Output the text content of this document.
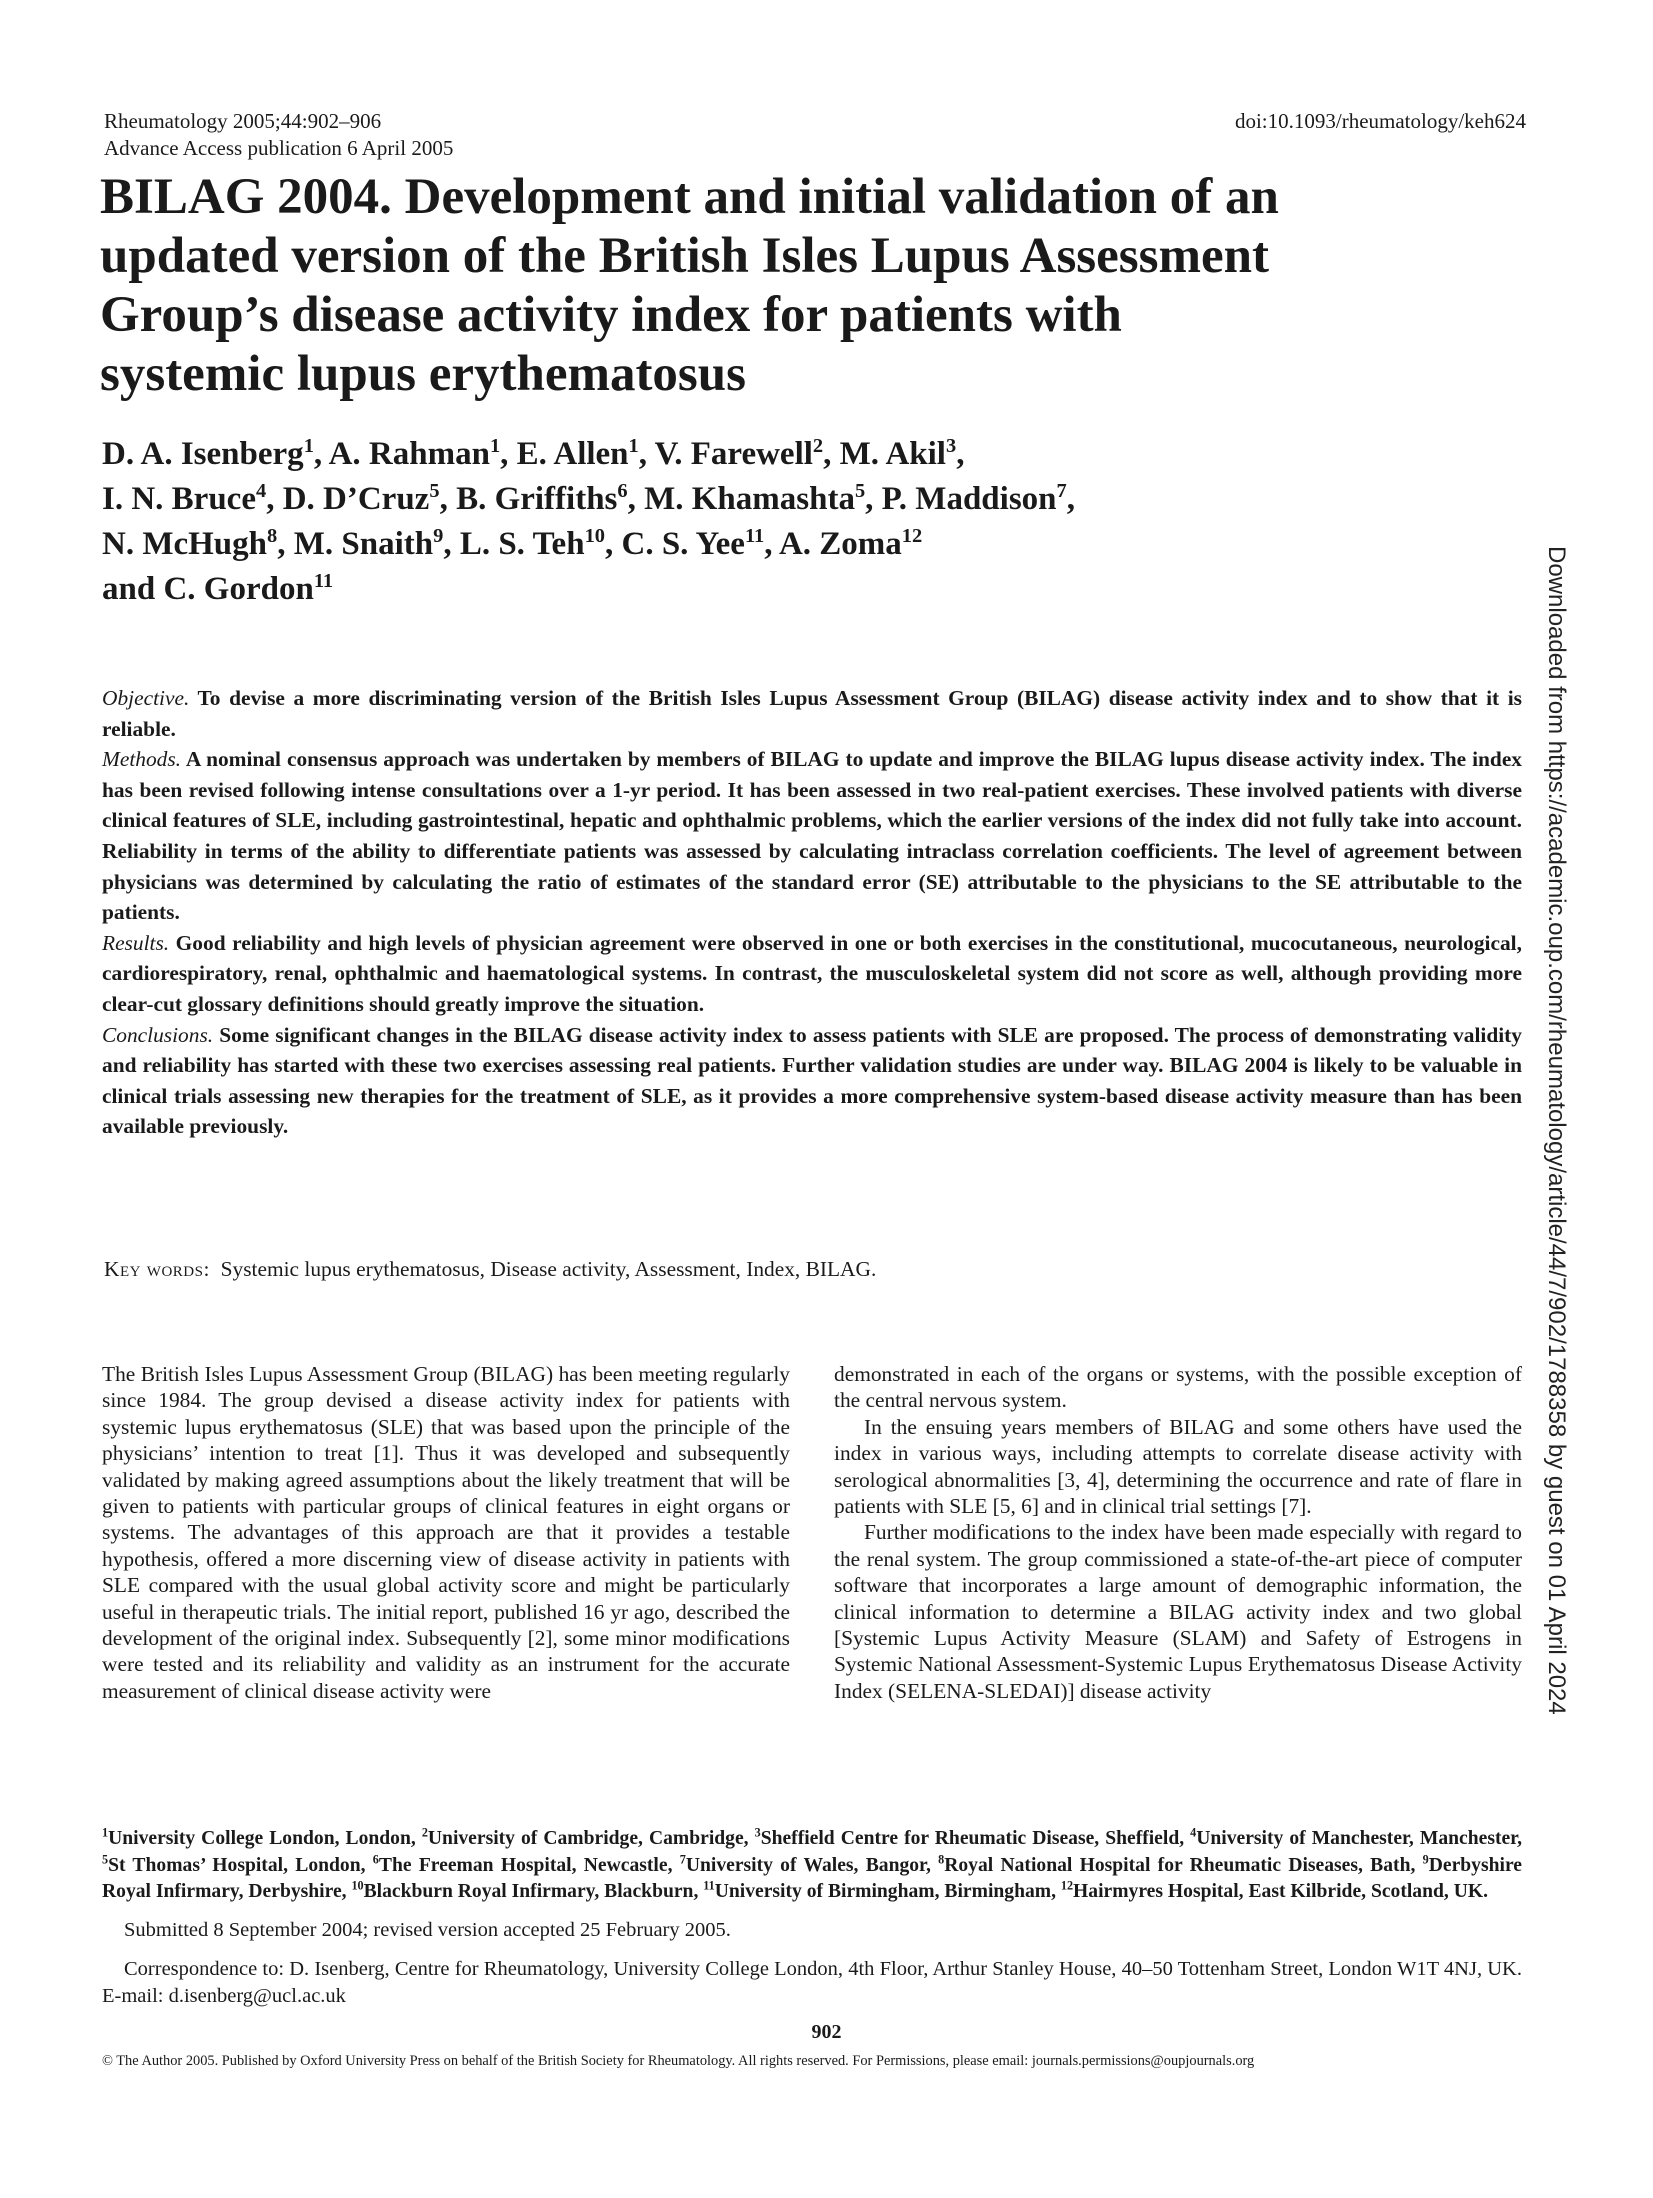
Rheumatology 2005;44:902–906
Advance Access publication 6 April 2005
doi:10.1093/rheumatology/keh624
BILAG 2004. Development and initial validation of an updated version of the British Isles Lupus Assessment Group’s disease activity index for patients with systemic lupus erythematosus
D. A. Isenberg$^1$, A. Rahman$^1$, E. Allen$^1$, V. Farewell$^2$, M. Akil$^3$,
I. N. Bruce$^4$, D. D’Cruz$^5$, B. Griffiths$^6$, M. Khamashta$^5$, P. Maddison$^7$,
N. McHugh$^8$, M. Snaith$^9$, L. S. Teh$^{10}$, C. S. Yee$^{11}$, A. Zoma$^{12}$
and C. Gordon$^{11}$

Objective. To devise a more discriminating version of the British Isles Lupus Assessment Group (BILAG) disease activity index and to show that it is reliable.

Methods. A nominal consensus approach was undertaken by members of BILAG to update and improve the BILAG lupus disease activity index. The index has been revised following intense consultations over a 1-yr period. It has been assessed in two real-patient exercises. These involved patients with diverse clinical features of SLE, including gastrointestinal, hepatic and ophthalmic problems, which the earlier versions of the index did not fully take into account. Reliability in terms of the ability to differentiate patients was assessed by calculating intraclass correlation coefficients. The level of agreement between physicians was determined by calculating the ratio of estimates of the standard error (SE) attributable to the physicians to the SE attributable to the patients.

Results. Good reliability and high levels of physician agreement were observed in one or both exercises in the constitutional, mucocutaneous, neurological, cardiorespiratory, renal, ophthalmic and haematological systems. In contrast, the musculoskeletal system did not score as well, although providing more clear-cut glossary definitions should greatly improve the situation.

Conclusions. Some significant changes in the BILAG disease activity index to assess patients with SLE are proposed. The process of demonstrating validity and reliability has started with these two exercises assessing real patients. Further validation studies are under way. BILAG 2004 is likely to be valuable in clinical trials assessing new therapies for the treatment of SLE, as it provides a more comprehensive system-based disease activity measure than has been available previously.

Key words: Systemic lupus erythematosus, Disease activity, Assessment, Index, BILAG.

The British Isles Lupus Assessment Group (BILAG) has been meeting regularly since 1984. The group devised a disease activity index for patients with systemic lupus erythematosus (SLE) that was based upon the principle of the physicians’ intention to treat [1]. Thus it was developed and subsequently validated by making agreed assumptions about the likely treatment that will be given to patients with particular groups of clinical features in eight organs or systems. The advantages of this approach are that it provides a testable hypothesis, offered a more discerning view of disease activity in patients with SLE compared with the usual global activity score and might be particularly useful in therapeutic trials. The initial report, published 16 yr ago, described the development of the original index. Subsequently [2], some minor modifications were tested and its reliability and validity as an instrument for the accurate measurement of clinical disease activity were

demonstrated in each of the organs or systems, with the possible exception of the central nervous system.

In the ensuing years members of BILAG and some others have used the index in various ways, including attempts to correlate disease activity with serological abnormalities [3, 4], determining the occurrence and rate of flare in patients with SLE [5, 6] and in clinical trial settings [7].

Further modifications to the index have been made especially with regard to the renal system. The group commissioned a state-of-the-art piece of computer software that incorporates a large amount of demographic information, the clinical information to determine a BILAG activity index and two global [Systemic Lupus Activity Measure (SLAM) and Safety of Estrogens in Systemic National Assessment-Systemic Lupus Erythematosus Disease Activity Index (SELENA-SLEDAI)] disease activity

$^1$University College London, London, $^2$University of Cambridge, Cambridge, $^3$Sheffield Centre for Rheumatic Disease, Sheffield, $^4$University of Manchester, Manchester, $^5$St Thomas’ Hospital, London, $^6$The Freeman Hospital, Newcastle, $^7$University of Wales, Bangor, $^8$Royal National Hospital for Rheumatic Diseases, Bath, $^9$Derbyshire Royal Infirmary, Derbyshire, $^{10}$Blackburn Royal Infirmary, Blackburn, $^{11}$University of Birmingham, Birmingham, $^{12}$Hairmyres Hospital, East Kilbride, Scotland, UK.
Submitted 8 September 2004; revised version accepted 25 February 2005.
Correspondence to: D. Isenberg, Centre for Rheumatology, University College London, 4th Floor, Arthur Stanley House, 40–50 Tottenham Street, London W1T 4NJ, UK. E-mail: d.isenberg@ucl.ac.uk
902
© The Author 2005. Published by Oxford University Press on behalf of the British Society for Rheumatology. All rights reserved. For Permissions, please email: journals.permissions@oupjournals.org
Downloaded from https://academic.oup.com/rheumatology/article/44/7/902/1788358 by guest on 01 April 2024
